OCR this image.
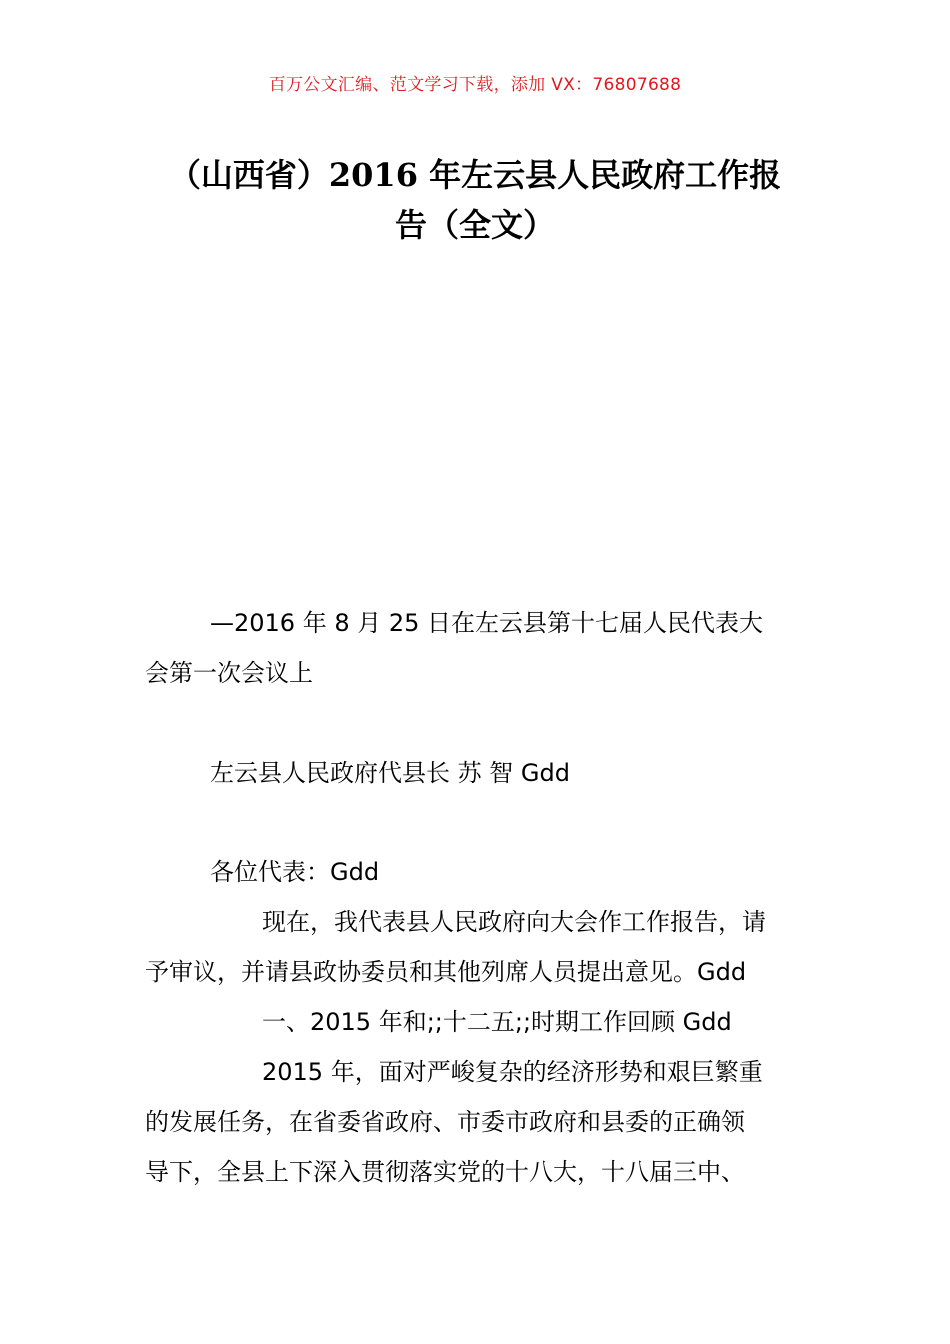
百万公文汇编、范文学习下载，添加 VX：76807688
（山西省）2016 年左云县人民政府工作报
告（全文）
—2016 年 8 月 25 日在左云县第十七届人民代表大
会第一次会议上
左云县人民政府代县长 苏 智 Gdd
各位代表：Gdd
现在，我代表县人民政府向大会作工作报告，请
予审议，并请县政协委员和其他列席人员提出意见。Gdd
一、2015 年和;;十二五;;时期工作回顾 Gdd
2015 年，面对严峻复杂的经济形势和艰巨繁重
的发展任务，在省委省政府、市委市政府和县委的正确领
导下，全县上下深入贯彻落实党的十八大，十八届三中、
